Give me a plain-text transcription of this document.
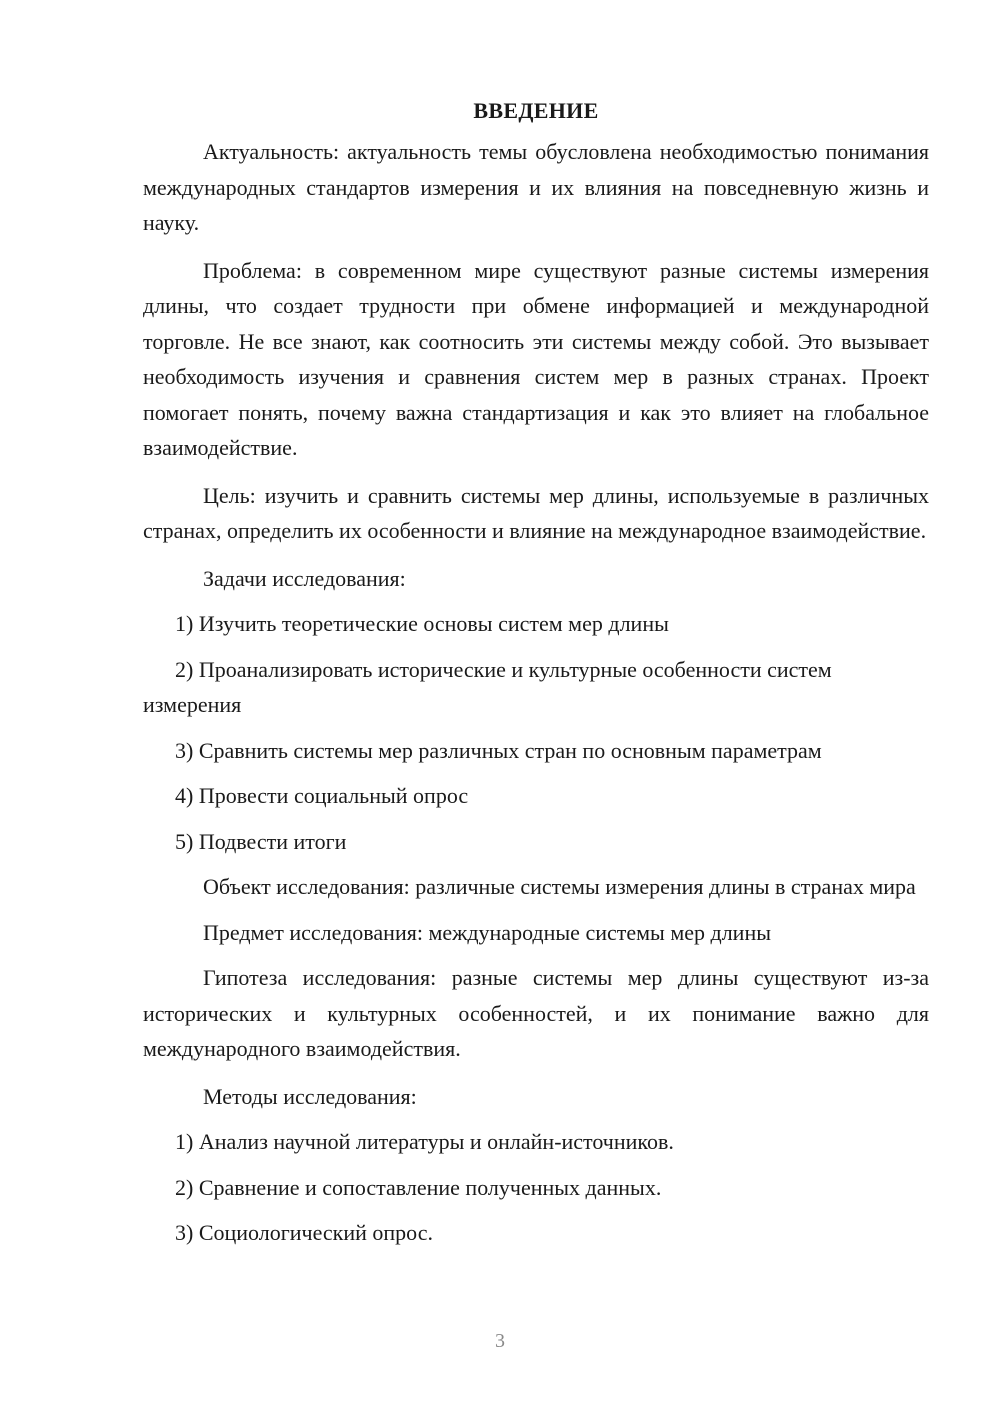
ВВЕДЕНИЕ

Актуальность: актуальность темы обусловлена необходимостью понимания международных стандартов измерения и их влияния на повседневную жизнь и науку.

Проблема: в современном мире существуют разные системы измерения длины, что создает трудности при обмене информацией и международной торговле. Не все знают, как соотносить эти системы между собой. Это вызывает необходимость изучения и сравнения систем мер в разных странах. Проект помогает понять, почему важна стандартизация и как это влияет на глобальное взаимодействие.

Цель: изучить и сравнить системы мер длины, используемые в различных странах, определить их особенности и влияние на международное взаимодействие.

Задачи исследования:

1) Изучить теоретические основы систем мер длины

2) Проанализировать исторические и культурные особенности систем измерения

3) Сравнить системы мер различных стран по основным параметрам

4) Провести социальный опрос

5) Подвести итоги

Объект исследования: различные системы измерения длины в странах мира

Предмет исследования: международные системы мер длины

Гипотеза исследования: разные системы мер длины существуют из-за исторических и культурных особенностей, и их понимание важно для международного взаимодействия.

Методы исследования:

1) Анализ научной литературы и онлайн-источников.

2) Сравнение и сопоставление полученных данных.

3) Социологический опрос.

3
